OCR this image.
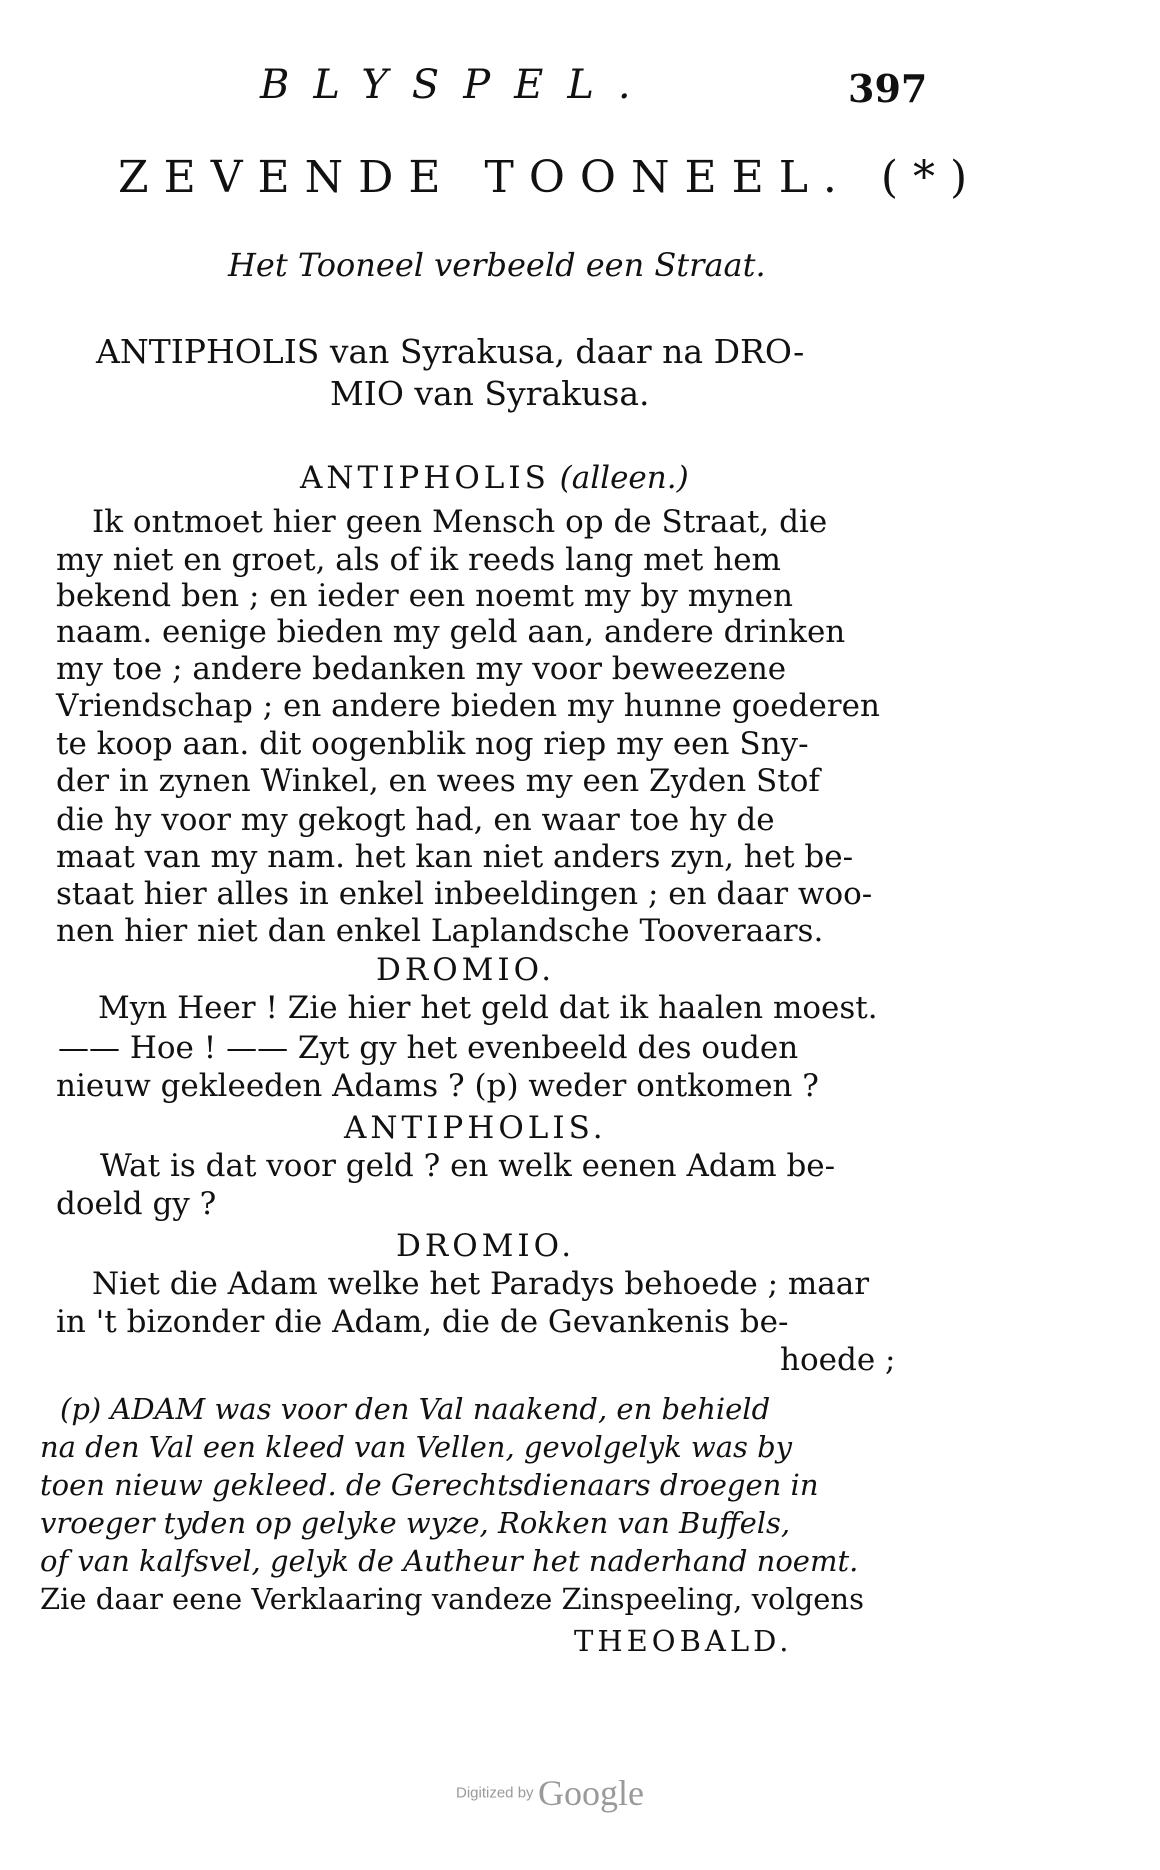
BLYSPEL.	397
ZEVENDE TOONEEL. (*)
Het Tooneel verbeeld een Straat.
ANTIPHOLIS van Syrakusa, daar na DRO-
MIO van Syrakusa.
ANTIPHOLIS (alleen.)
Ik ontmoet hier geen Mensch op de Straat, die
my niet en groet, als of ik reeds lang met hem
bekend ben ; en ieder een noemt my by mynen
naam. eenige bieden my geld aan, andere drinken
my toe ; andere bedanken my voor beweezene
Vriendschap ; en andere bieden my hunne goederen
te koop aan. dit oogenblik nog riep my een Sny-
der in zynen Winkel, en wees my een Zyden Stof
die hy voor my gekogt had, en waar toe hy de
maat van my nam. het kan niet anders zyn, het be-
staat hier alles in enkel inbeeldingen ; en daar woo-
nen hier niet dan enkel Laplandsche Tooveraars.
DROMIO.
Myn Heer ! Zie hier het geld dat ik haalen moest.
—— Hoe ! —— Zyt gy het evenbeeld des ouden
nieuw gekleeden Adams ? (p) weder ontkomen ?
ANTIPHOLIS.
Wat is dat voor geld ? en welk eenen Adam be-
doeld gy ?
DROMIO.
Niet die Adam welke het Paradys behoede ; maar
in 't bizonder die Adam, die de Gevankenis be-
hoede ;
(p) ADAM was voor den Val naakend, en behield
na den Val een kleed van Vellen, gevolgelyk was by
toen nieuw gekleed. de Gerechtsdienaars droegen in
vroeger tyden op gelyke wyze, Rokken van Buffels,
of van kalfsvel, gelyk de Autheur het naderhand noemt.
Zie daar eene Verklaaring vandeze Zinspeeling, volgens
THEOBALD.
Digitized by Google
